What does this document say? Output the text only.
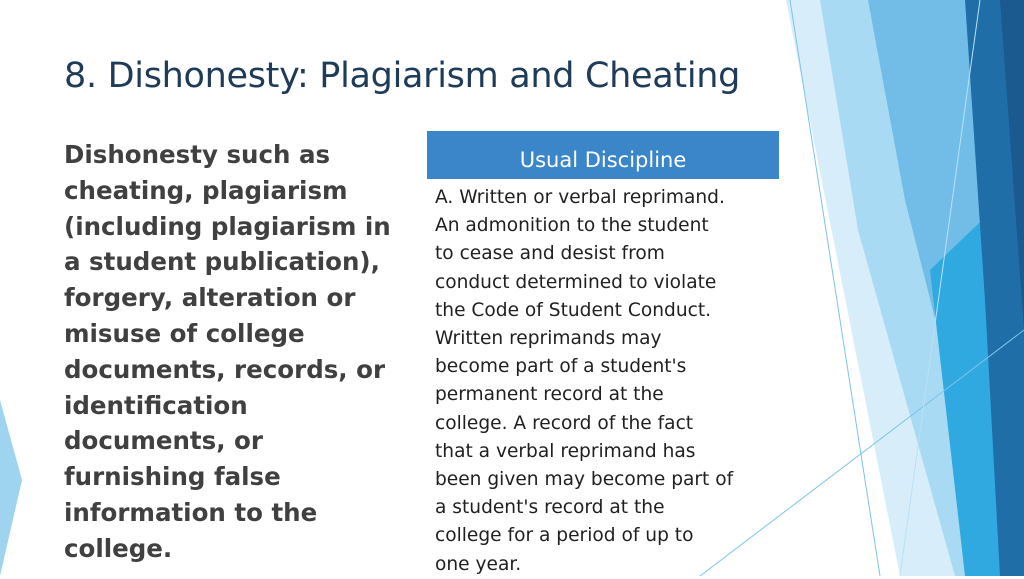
8. Dishonesty: Plagiarism and Cheating

Dishonesty such as cheating, plagiarism (including plagiarism in a student publication), forgery, alteration or misuse of college documents, records, or identification documents, or furnishing false information to the college.

Usual Discipline

A. Written or verbal reprimand.
An admonition to the student
to cease and desist from
conduct determined to violate
the Code of Student Conduct.
Written reprimands may
become part of a student's
permanent record at the
college. A record of the fact
that a verbal reprimand has
been given may become part of
a student's record at the
college for a period of up to
one year.
